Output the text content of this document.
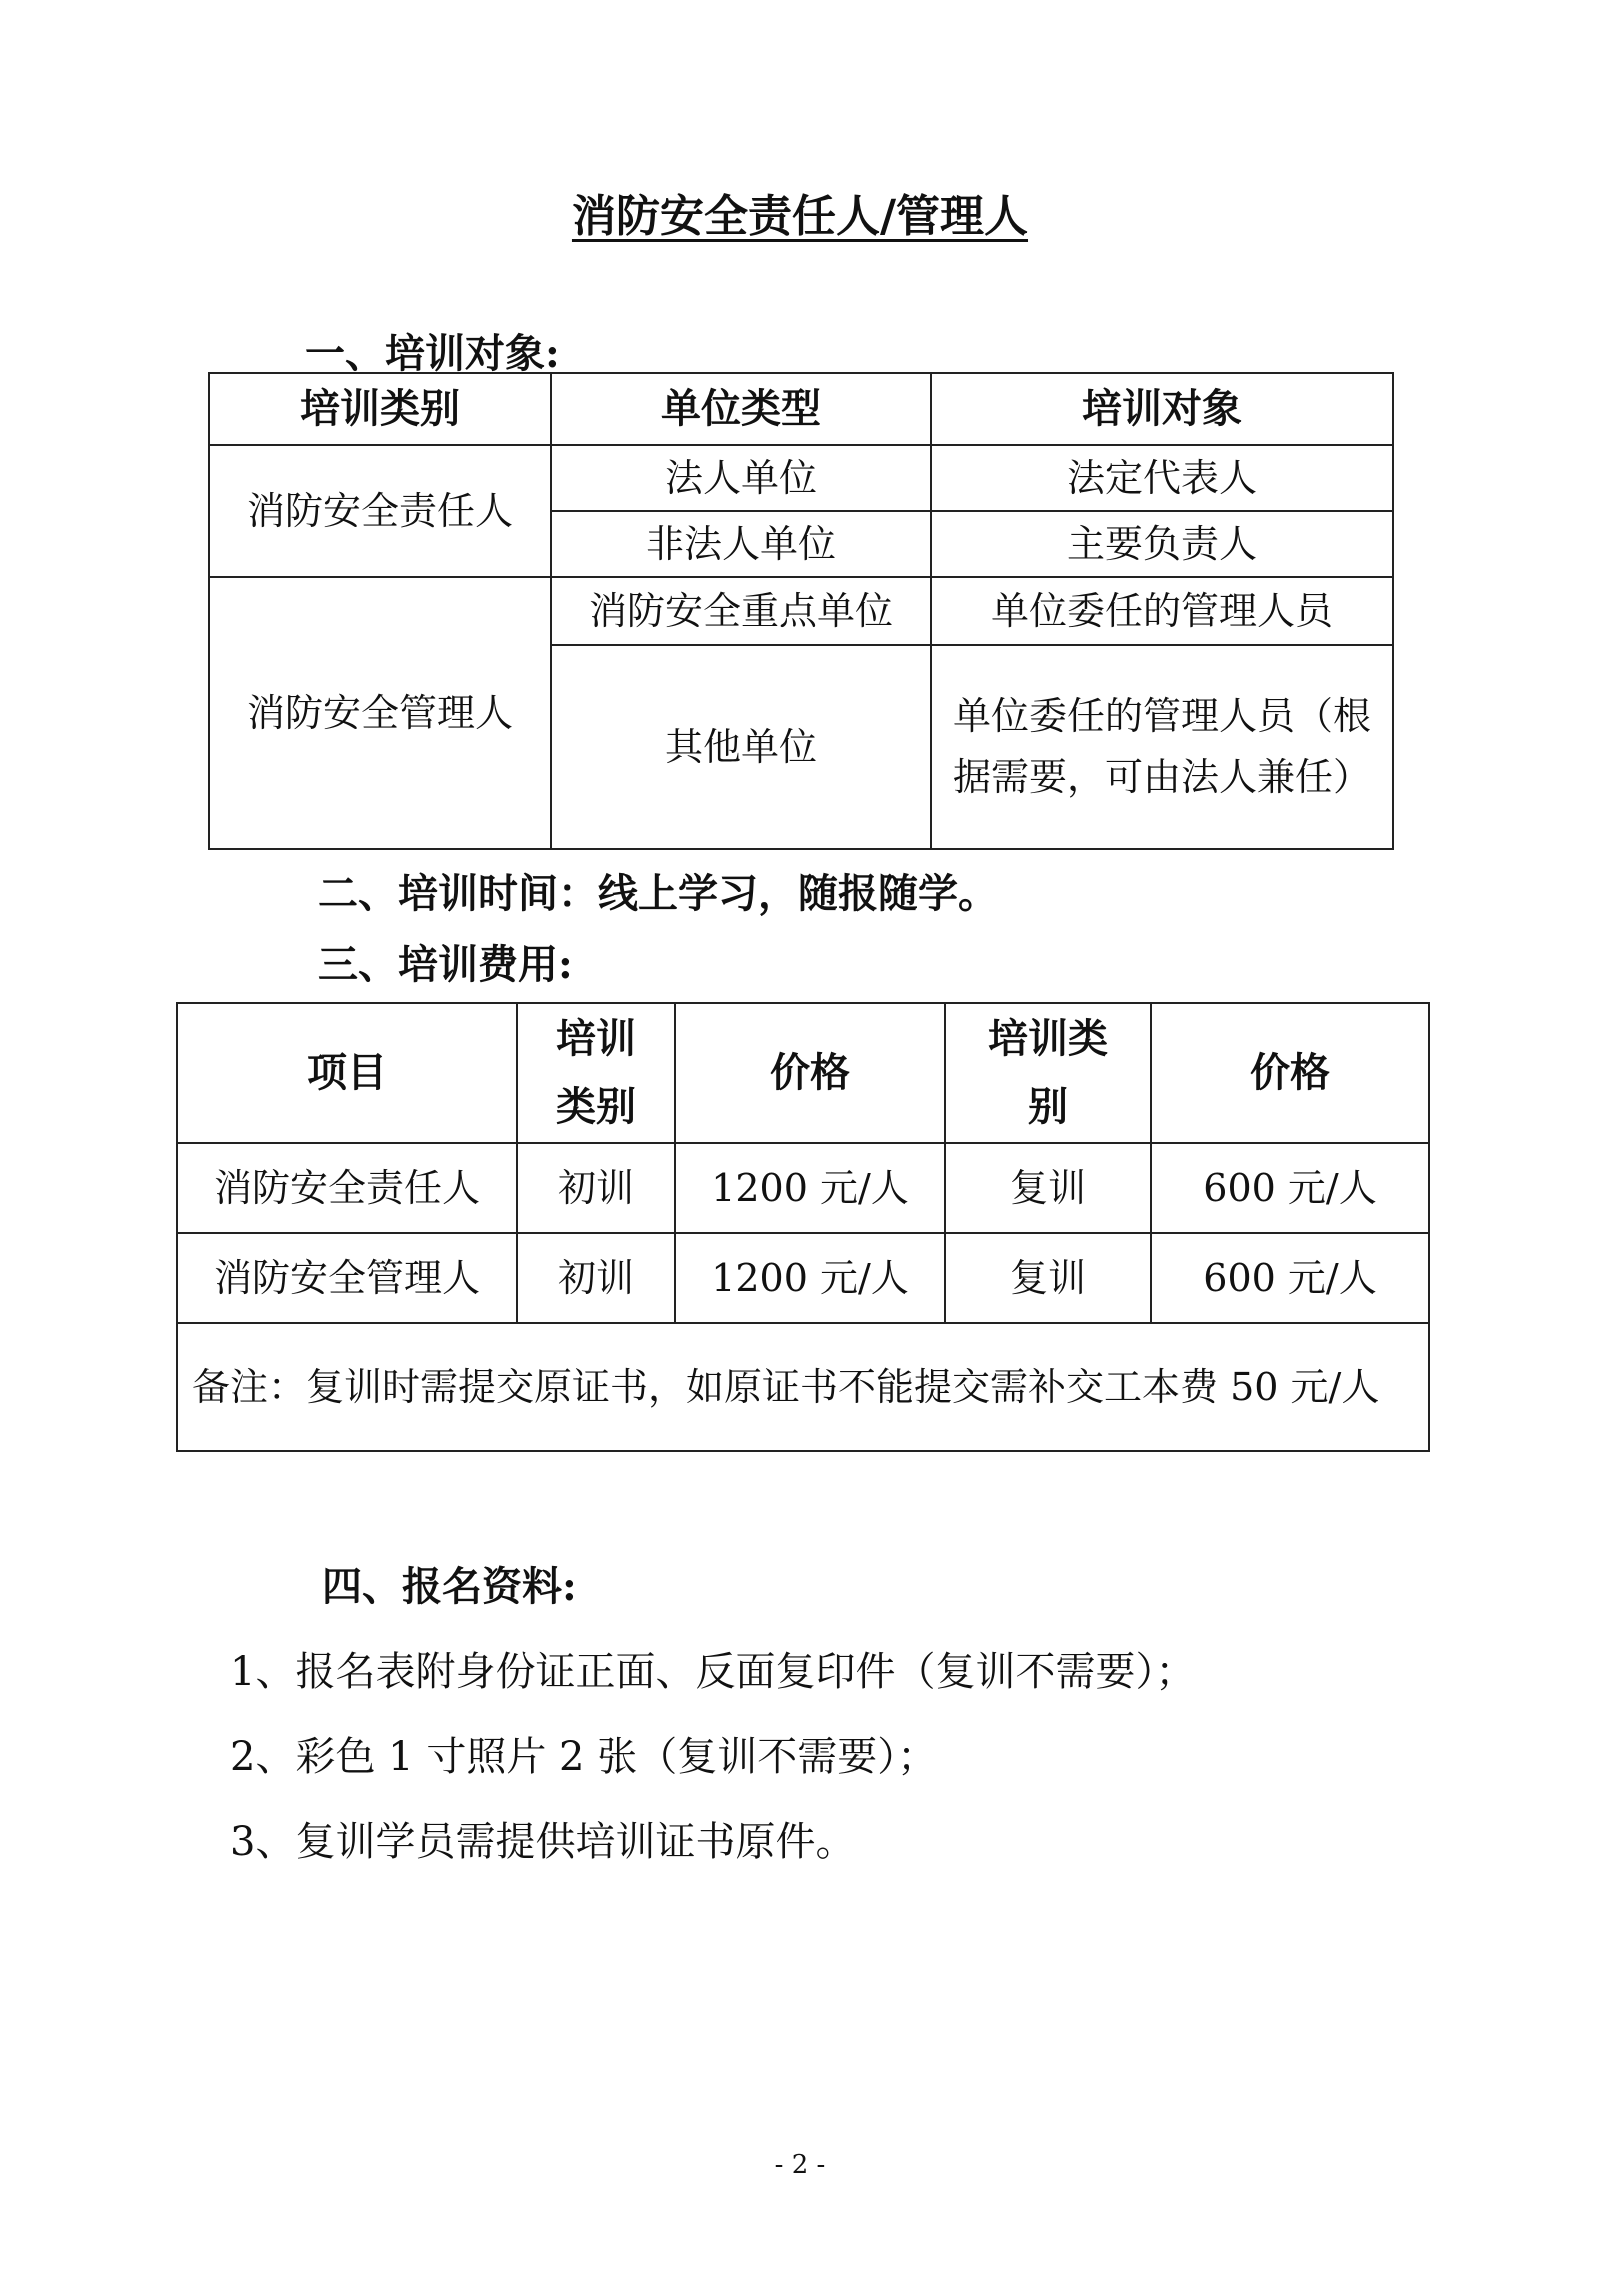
消防安全责任人/管理人
一、培训对象:
培训类别	单位类型	培训对象
消防安全责任人	法人单位	法定代表人
	非法人单位	主要负责人
消防安全管理人	消防安全重点单位	单位委任的管理人员
	其他单位	单位委任的管理人员（根据需要，可由法人兼任）
二、培训时间：线上学习，随报随学。
三、培训费用:
项目	培训类别	价格	培训类别	价格
消防安全责任人	初训	1200 元/人	复训	600 元/人
消防安全管理人	初训	1200 元/人	复训	600 元/人
备注：复训时需提交原证书，如原证书不能提交需补交工本费 50 元/人				
四、报名资料:
1、报名表附身份证正面、反面复印件（复训不需要）；
2、彩色 1 寸照片 2 张（复训不需要）；
3、复训学员需提供培训证书原件。
- 2 -
